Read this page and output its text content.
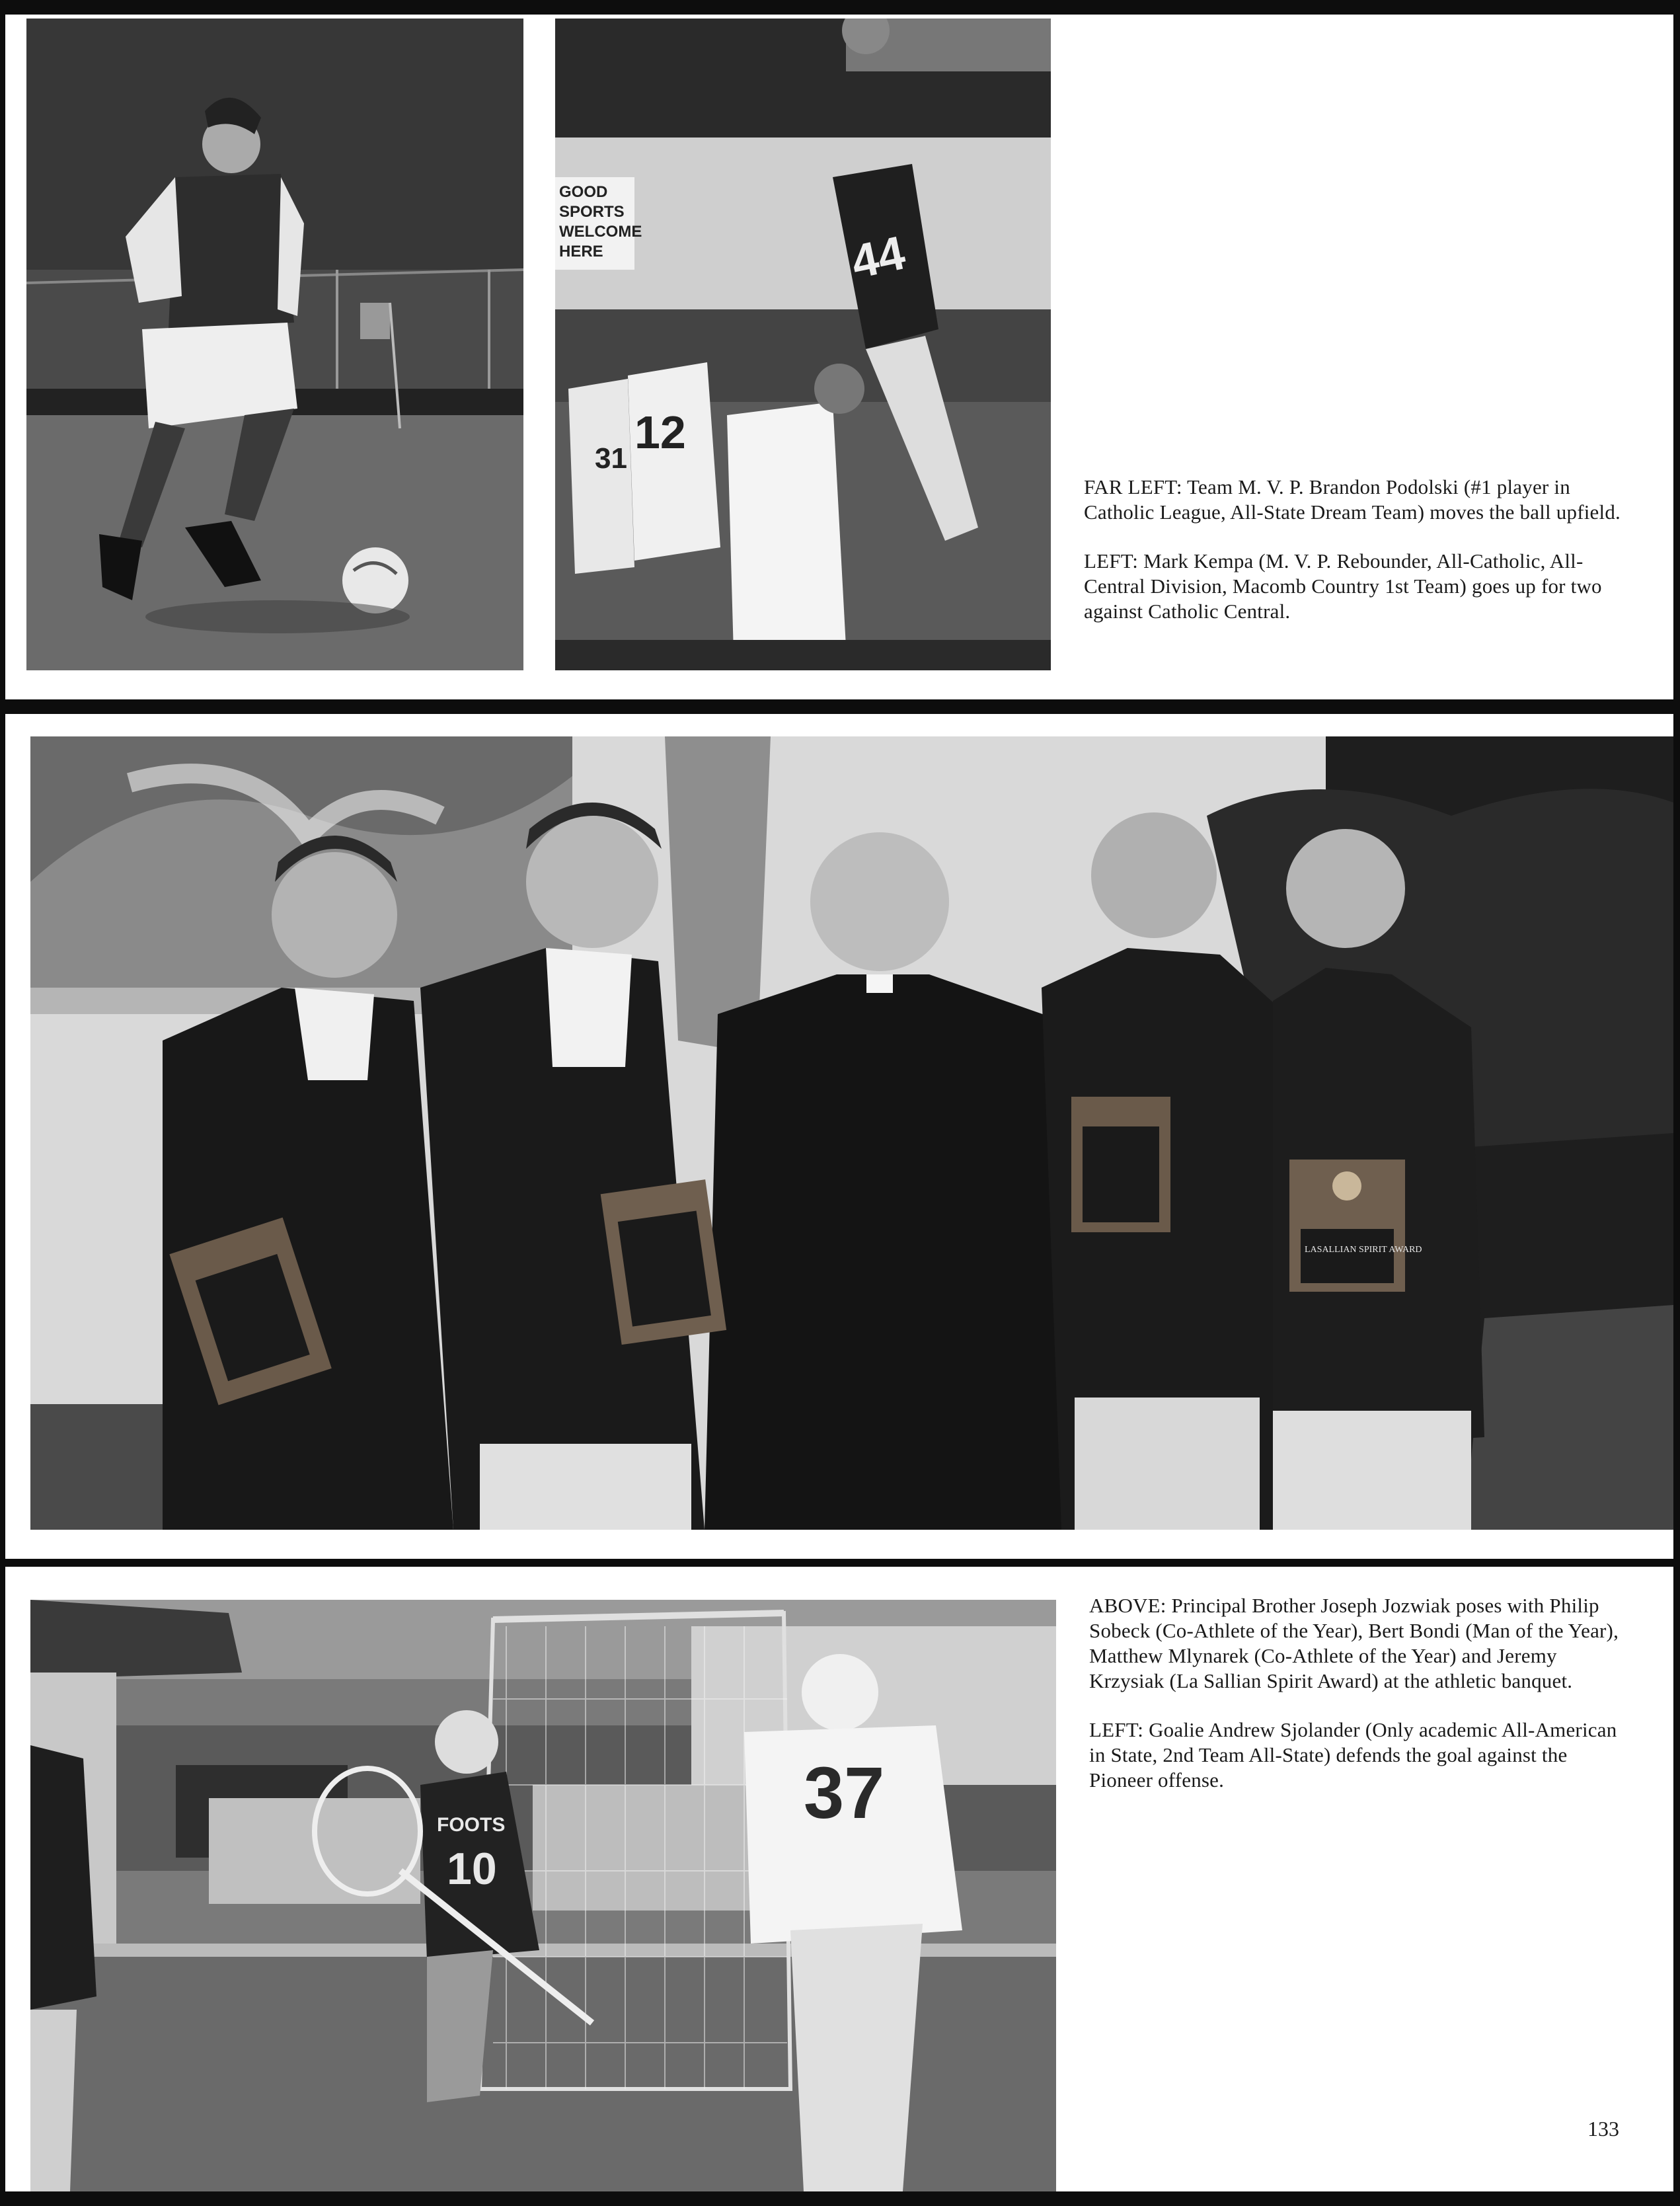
GOOD
SPORTS
WELCOME
HERE	44
12
31

FAR LEFT: Team M. V. P. Brandon Podolski (#1 player in Catholic League, All-State Dream Team) moves the ball upfield.

LEFT: Mark Kempa (M. V. P. Rebounder, All-Catholic, All-Central Division, Macomb Country 1st Team) goes up for two against Catholic Central.

LASALLIAN SPIRIT AWARD
FOOTS
10
37

ABOVE: Principal Brother Joseph Jozwiak poses with Philip Sobeck (Co-Athlete of the Year), Bert Bondi (Man of the Year), Matthew Mlynarek (Co-Athlete of the Year) and Jeremy Krzysiak (La Sallian Spirit Award) at the athletic banquet.

LEFT: Goalie Andrew Sjolander (Only academic All-American in State, 2nd Team All-State) defends the goal against the Pioneer offense.

133
